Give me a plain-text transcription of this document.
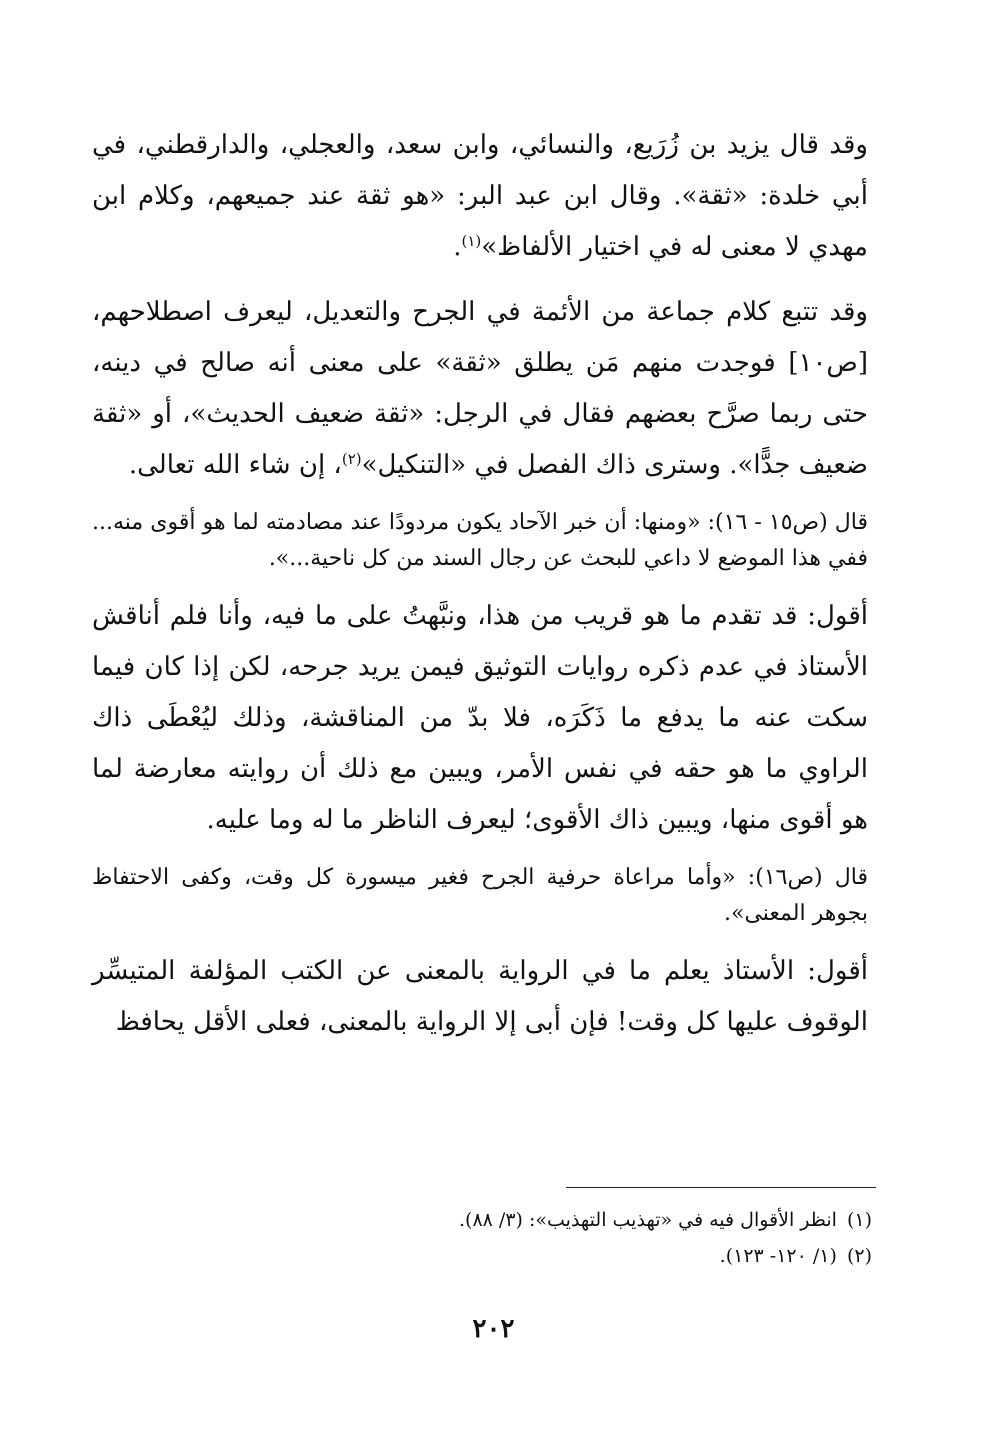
وقد قال يزيد بن زُرَيع، والنسائي، وابن سعد، والعجلي، والدارقطني، في أبي خلدة: «ثقة». وقال ابن عبد البر: «هو ثقة عند جميعهم، وكلام ابن مهدي لا معنى له في اختيار الألفاظ»$^{(١)}$.

وقد تتبع كلام جماعة من الأئمة في الجرح والتعديل، ليعرف اصطلاحهم، [ص١٠] فوجدت منهم مَن يطلق «ثقة» على معنى أنه صالح في دينه، حتى ربما صرَّح بعضهم فقال في الرجل: «ثقة ضعيف الحديث»، أو «ثقة ضعيف جدًّا». وسترى ذاك الفصل في «التنكيل»$^{(٢)}$، إن شاء الله تعالى.

قال (ص١٥ - ١٦): «ومنها: أن خبر الآحاد يكون مردودًا عند مصادمته لما هو أقوى منه... ففي هذا الموضع لا داعي للبحث عن رجال السند من كل ناحية...».

أقول: قد تقدم ما هو قريب من هذا، ونبَّهتُ على ما فيه، وأنا فلم أناقش الأستاذ في عدم ذكره روايات التوثيق فيمن يريد جرحه، لكن إذا كان فيما سكت عنه ما يدفع ما ذَكَرَه، فلا بدّ من المناقشة، وذلك ليُعْطَى ذاك الراوي ما هو حقه في نفس الأمر، ويبين مع ذلك أن روايته معارضة لما هو أقوى منها، ويبين ذاك الأقوى؛ ليعرف الناظر ما له وما عليه.

قال (ص١٦): «وأما مراعاة حرفية الجرح فغير ميسورة كل وقت، وكفى الاحتفاظ بجوهر المعنى».

أقول: الأستاذ يعلم ما في الرواية بالمعنى عن الكتب المؤلفة المتيسِّر الوقوف عليها كل وقت! فإن أبى إلا الرواية بالمعنى، فعلى الأقل يحافظ

(١)انظر الأقوال فيه في «تهذيب التهذيب»: (٣/ ٨٨).

(٢)(١/ ١٢٠- ١٢٣).

٢٠٢
